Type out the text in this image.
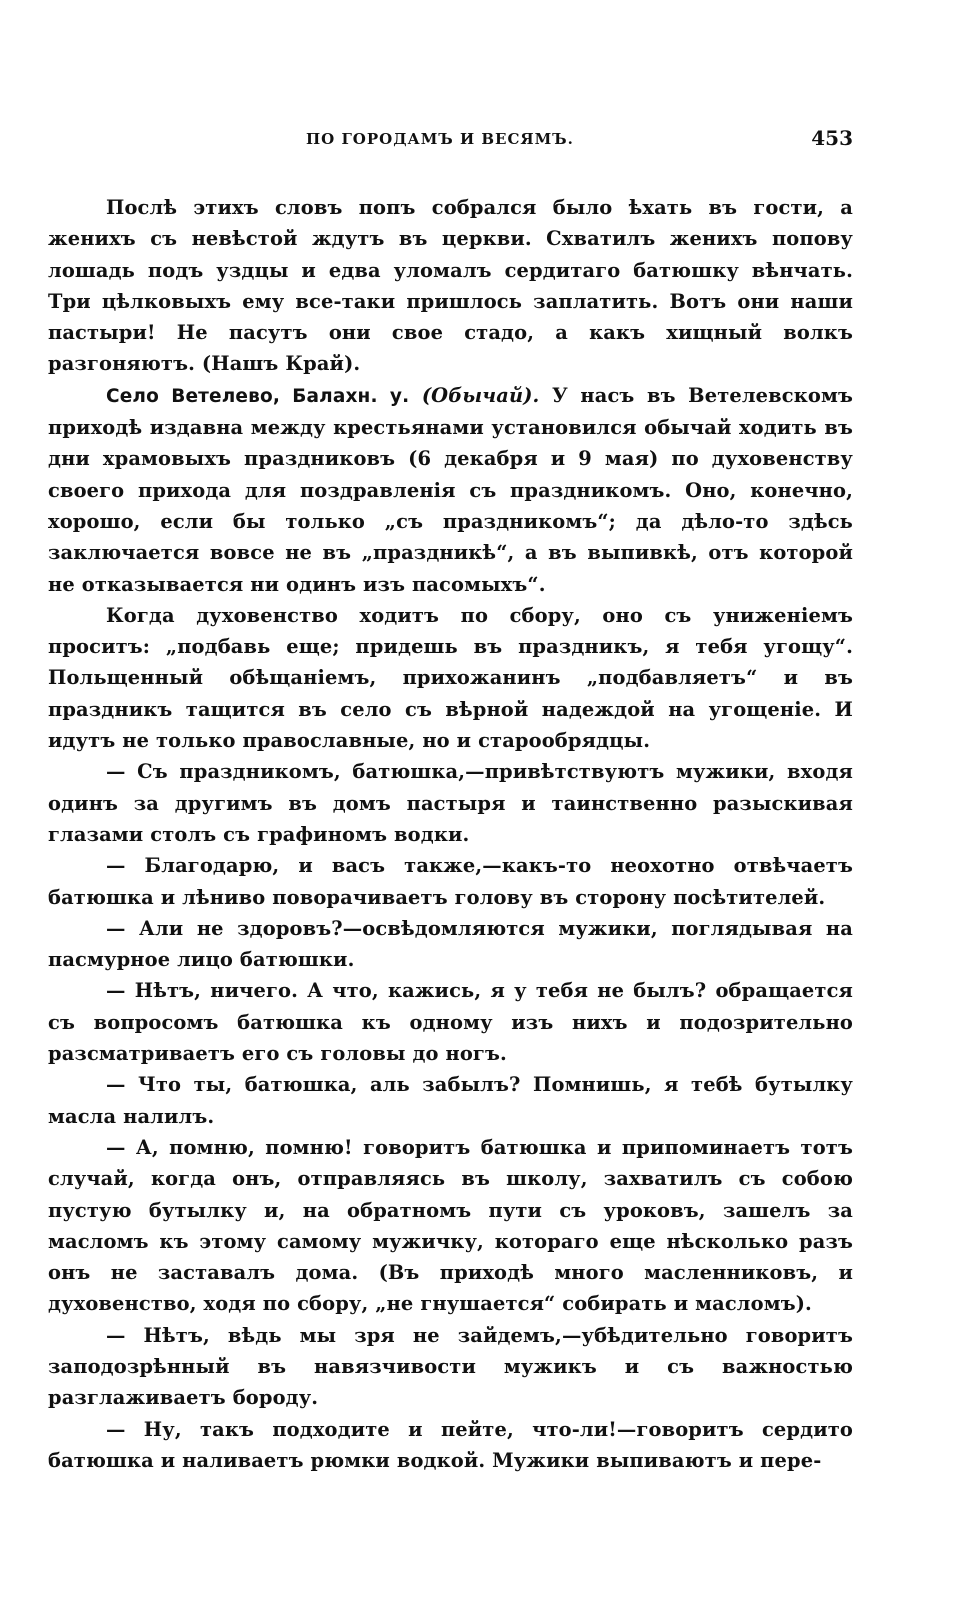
ПО ГОРОДАМЪ И ВЕСЯМЪ.	453

Послѣ этихъ словъ попъ собрался было ѣхать въ гости, а женихъ съ невѣстой ждутъ въ церкви. Схватилъ женихъ попову лошадь подъ уздцы и едва уломалъ сердитаго батюшку вѣнчать. Три цѣлковыхъ ему все-таки пришлось заплатить. Вотъ они наши пастыри! Не пасутъ они свое стадо, а какъ хищный волкъ разгоняютъ. (Нашъ Край).

Село Ветелево, Балахн. у. (Обычай). У насъ въ Ветелевскомъ приходѣ издавна между крестьянами установился обычай ходить въ дни храмовыхъ праздниковъ (6 декабря и 9 мая) по духовенству своего прихода для поздравленія съ праздникомъ. Оно, конечно, хорошо, если бы только „съ праздникомъ“; да дѣло-то здѣсь заключается вовсе не въ „праздникѣ“, а въ выпивкѣ, отъ которой не отказывается ни одинъ изъ пасомыхъ“.

Когда духовенство ходитъ по сбору, оно съ униженіемъ проситъ: „подбавь еще; придешь въ праздникъ, я тебя угощу“. Польщенный обѣщаніемъ, прихожанинъ „подбавляетъ“ и въ праздникъ тащится въ село съ вѣрной надеждой на угощеніе. И идутъ не только православные, но и старообрядцы.

— Съ праздникомъ, батюшка,—привѣтствуютъ мужики, входя одинъ за другимъ въ домъ пастыря и таинственно разыскивая глазами столъ съ графиномъ водки.

— Благодарю, и васъ также,—какъ-то неохотно отвѣчаетъ батюшка и лѣниво поворачиваетъ голову въ сторону посѣтителей.

— Али не здоровъ?—освѣдомляются мужики, поглядывая на пасмурное лицо батюшки.

— Нѣтъ, ничего. А что, кажись, я у тебя не былъ? обращается съ вопросомъ батюшка къ одному изъ нихъ и подозрительно разсматриваетъ его съ головы до ногъ.

— Что ты, батюшка, аль забылъ? Помнишь, я тебѣ бутылку масла налилъ.

— А, помню, помню! говоритъ батюшка и припоминаетъ тотъ случай, когда онъ, отправляясь въ школу, захватилъ съ собою пустую бутылку и, на обратномъ пути съ уроковъ, зашелъ за масломъ къ этому самому мужичку, котораго еще нѣсколько разъ онъ не заставалъ дома. (Въ приходѣ много масленниковъ, и духовенство, ходя по сбору, „не гнушается“ собирать и масломъ).

— Нѣтъ, вѣдь мы зря не зайдемъ,—убѣдительно говоритъ заподозрѣнный въ навязчивости мужикъ и съ важностью разглаживаетъ бороду.

— Ну, такъ подходите и пейте, что-ли!—говоритъ сердито батюшка и наливаетъ рюмки водкой. Мужики выпиваютъ и пере-
